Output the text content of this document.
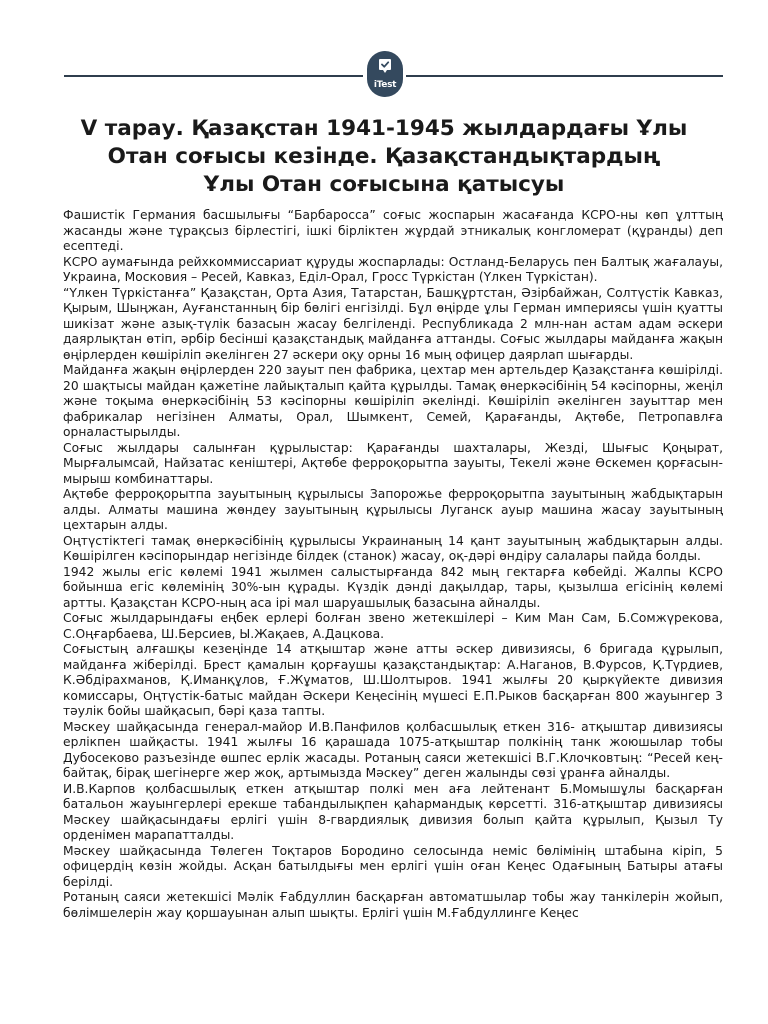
iTest
V тарау. Қазақстан 1941-1945 жылдардағы Ұлы
Отан соғысы кезінде. Қазақстандықтардың
Ұлы Отан соғысына қатысуы

Фашистік Германия басшылығы “Барбаросса” соғыс жоспарын жасағанда КСРО-ны көп ұлттың жасанды және тұрақсыз бірлестігі, ішкі бірліктен жұрдай этникалық конгломерат (құранды) деп есептеді.

КСРО аумағында рейхкоммиссариат құруды жоспарлады: Остланд-Беларусь пен Балтық жағалауы, Украина, Московия – Ресей, Кавказ, Еділ-Орал, Гросс Түркістан (Үлкен Түркістан).

“Үлкен Түркістанға” Қазақстан, Орта Азия, Татарстан, Башқұртстан, Әзірбайжан, Солтүстік Кавказ, Қырым, Шыңжан, Ауғанстанның бір бөлігі енгізілді. Бұл өңірде ұлы Герман империясы үшін қуатты шикізат және азық-түлік базасын жасау белгіленді. Республикада 2 млн-нан астам адам әскери даярлықтан өтіп, әрбір бесінші қазақстандық майданға аттанды. Соғыс жылдары майданға жақын өңірлерден көшіріліп әкелінген 27 әскери оқу орны 16 мың офицер даярлап шығарды.

Майданға жақын өңірлерден 220 зауыт пен фабрика, цехтар мен артельдер Қазақстанға көшірілді. 20 шақтысы майдан қажетіне лайықталып қайта құрылды. Тамақ өнеркәсібінің 54 кәсіпорны, жеңіл және тоқыма өнеркәсібінің 53 кәсіпорны көшіріліп әкелінді. Көшіріліп әкелінген зауыттар мен фабрикалар негізінен Алматы, Орал, Шымкент, Семей, Қарағанды, Ақтөбе, Петропавлға орналастырылды.

Соғыс жылдары салынған құрылыстар: Қарағанды шахталары, Жезді, Шығыс Қоңырат, Мырғалымсай, Найзатас кеніштері, Ақтөбе ферроқорытпа зауыты, Текелі және Өскемен қорғасын-мырыш комбинаттары.

Ақтөбе ферроқорытпа зауытының құрылысы Запорожье ферроқорытпа зауытының жабдықтарын алды. Алматы машина жөндеу зауытының құрылысы Луганск ауыр машина жасау зауытының цехтарын алды.

Оңтүстіктегі тамақ өнеркәсібінің құрылысы Украинаның 14 қант зауытының жабдықтарын алды. Көшірілген кәсіпорындар негізінде білдек (станок) жасау, оқ-дәрі өндіру салалары пайда болды.

1942 жылы егіс көлемі 1941 жылмен салыстырғанда 842 мың гектарға көбейді. Жалпы КСРО бойынша егіс көлемінің 30%-ын құрады. Күздік дәнді дақылдар, тары, қызылша егісінің көлемі артты. Қазақстан КСРО-ның аса ірі мал шаруашылық базасына айналды.

Соғыс жылдарындағы еңбек ерлері болған звено жетекшілері – Ким Ман Сам, Б.Сомжүрекова, С.Оңғарбаева, Ш.Берсиев, Ы.Жақаев, А.Дацкова.

Соғыстың алғашқы кезеңінде 14 атқыштар және атты әскер дивизиясы, 6 бригада құрылып, майданға жіберілді. Брест қамалын қорғаушы қазақстандықтар: А.Наганов, В.Фурсов, Қ.Түрдиев, К.Әбдірахманов, Қ.Иманқұлов, Ғ.Жұматов, Ш.Шолтыров. 1941 жылғы 20 қыркүйекте дивизия комиссары, Оңтүстік-батыс майдан Әскери Кеңесінің мүшесі Е.П.Рыков басқарған 800 жауынгер 3 тәулік бойы шайқасып, бәрі қаза тапты.

Мәскеу шайқасында генерал-майор И.В.Панфилов қолбасшылық еткен 316- атқыштар дивизиясы ерлікпен шайқасты. 1941 жылғы 16 қарашада 1075-атқыштар полкінің танк жоюшылар тобы Дубосеково разъезінде өшпес ерлік жасады. Ротаның саяси жетекшісі В.Г.Клочковтың: “Ресей кең-байтақ, бірақ шегінерге жер жоқ, артымызда Мәскеу” деген жалынды сөзі ұранға айналды.

И.В.Карпов қолбасшылық еткен атқыштар полкі мен аға лейтенант Б.Момышұлы басқарған батальон жауынгерлері ерекше табандылықпен қаһармандық көрсетті. 316-атқыштар дивизиясы Мәскеу шайқасындағы ерлігі үшін 8-гвардиялық дивизия болып қайта құрылып, Қызыл Ту орденімен марапатталды.

Мәскеу шайқасында Төлеген Тоқтаров Бородино селосында неміс бөлімінің штабына кіріп, 5 офицердің көзін жойды. Асқан батылдығы мен ерлігі үшін оған Кеңес Одағының Батыры атағы берілді.

Ротаның саяси жетекшісі Мәлік Ғабдуллин басқарған автоматшылар тобы жау танкілерін жойып, бөлімшелерін жау қоршауынан алып шықты. Ерлігі үшін М.Ғабдуллинге Кеңес
